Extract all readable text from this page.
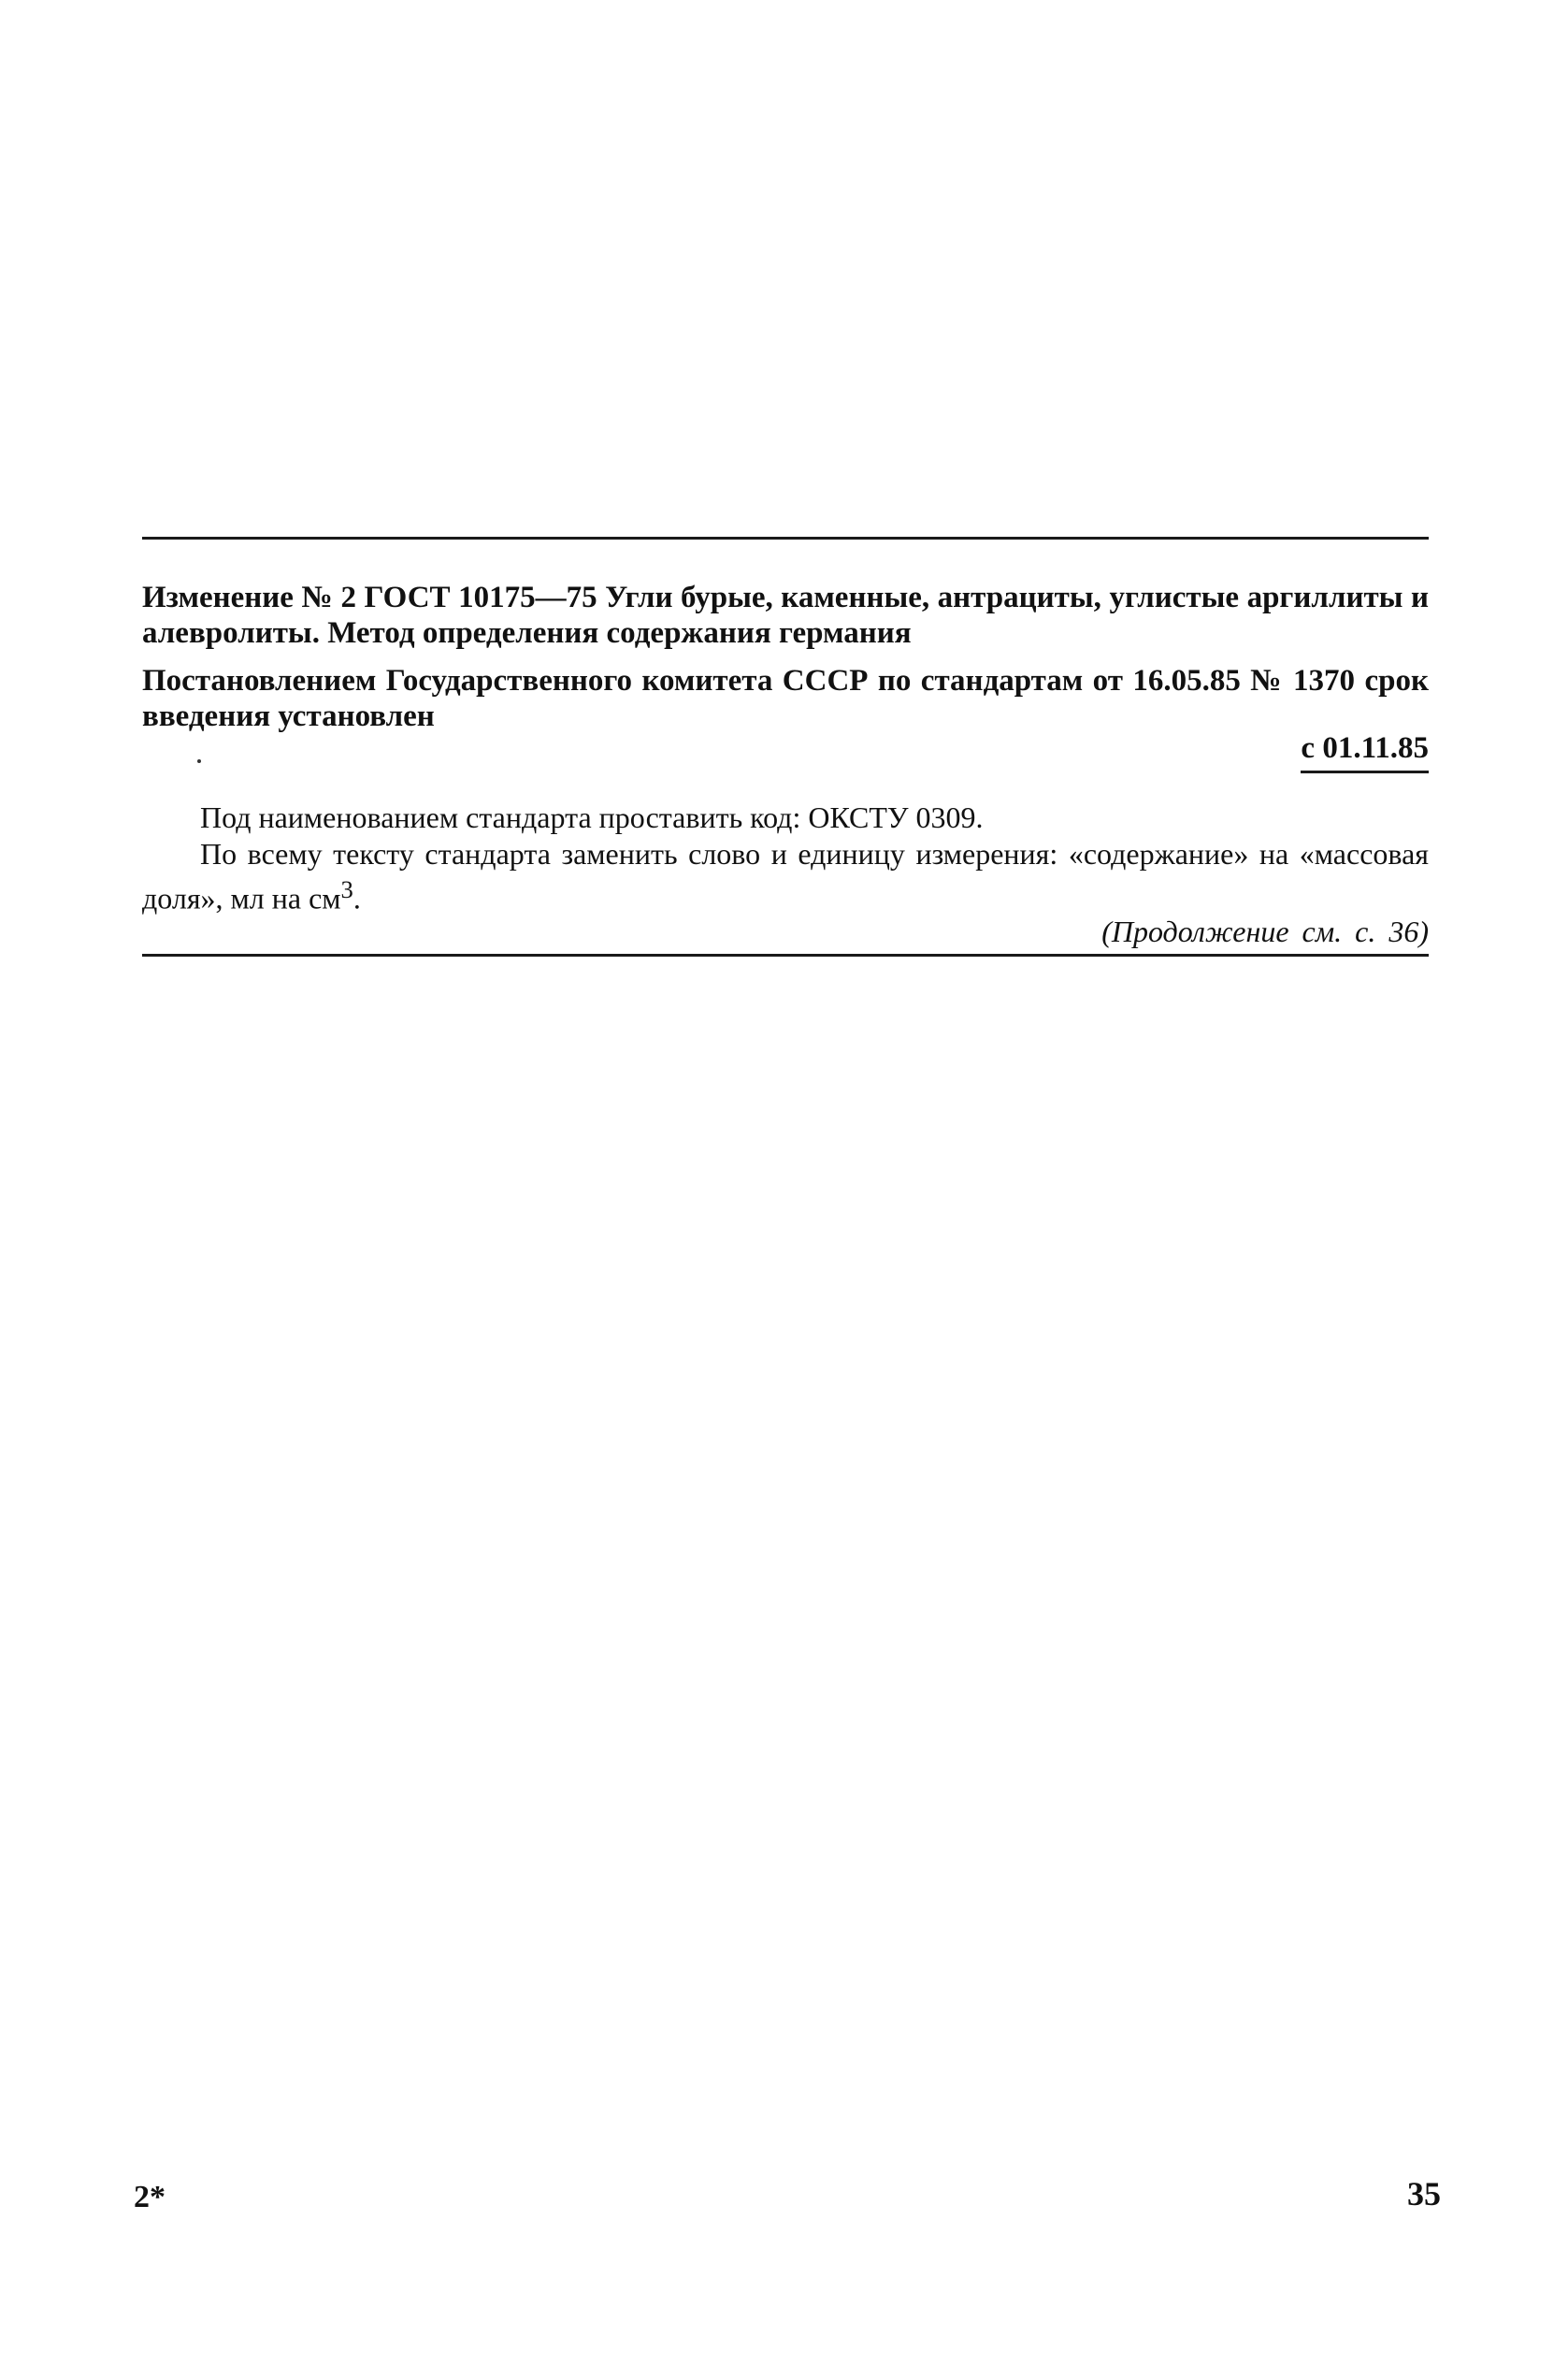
Изменение № 2 ГОСТ 10175—75 Угли бурые, каменные, антрациты, углистые аргиллиты и алевролиты. Метод определения содержания германия
Постановлением Государственного комитета СССР по стандартам от 16.05.85 № 1370 срок введения установлен
с 01.11.85

Под наименованием стандарта проставить код: ОКСТУ 0309.

По всему тексту стандарта заменить слово и единицу измерения: «содержание» на «массовая доля», мл на $см^3$.

(Продолжение см. с. 36)
2*	35
